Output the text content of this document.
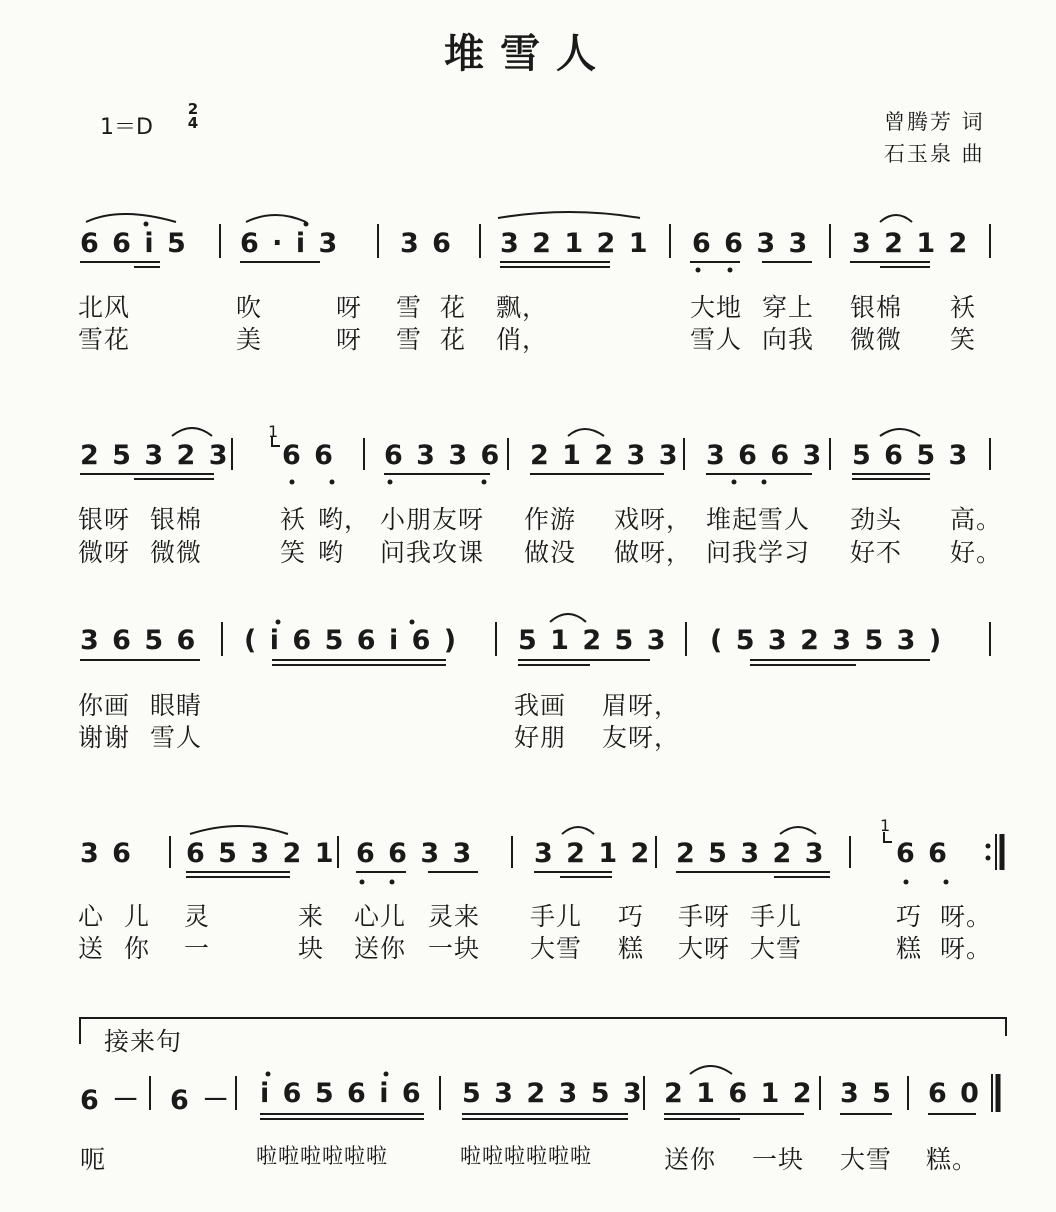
堆雪人
1＝D
2
4	曾腾芳 词
石玉泉 曲
6 6 i 5 6 · i 3 3 6 3 2 1 2 1 6 6 3 3 3 2 1 2
北风	吹	呀 雪 花 飘，	大地 穿上 银棉 袄
雪花	美	呀 雪 花 俏，	雪人 向我 微微 笑
2 5 3 2 3 6 6 6 3 3 6 2 1 2 3 3 3 6 6 3 5 6 5 3
银呀 银棉	袄 哟， 小朋友呀 作游 戏呀， 堆起雪人 劲头 高。
微呀 微微	笑 哟 问我攻课 做没 做呀， 问我学习 好不 好。
3 6 5 6 ( i 6 5 6 i 6 ) 5 1 2 5 3 ( 5 3 2 3 5 3 )
你画 眼睛	我画 眉呀，
谢谢 雪人	好朋 友呀，
3 6 6 5 3 2 1 6 6 3 3 3 2 1 2 2 5 3 2 3	6 6
心 儿 灵	来 心儿 灵来 手儿 巧 手呀 手儿	巧 呀。
送 你 一	块 送你 一块 大雪 糕 大呀 大雪	糕 呀。
接来句
6 － 6 － i 6 5 6 i 6 5 3 2 3 5 3 2 1 6 1 2 3 5 6 0
呃	啦啦啦啦啦啦	啦啦啦啦啦啦	送你 一块 大雪 糕。
1
1
